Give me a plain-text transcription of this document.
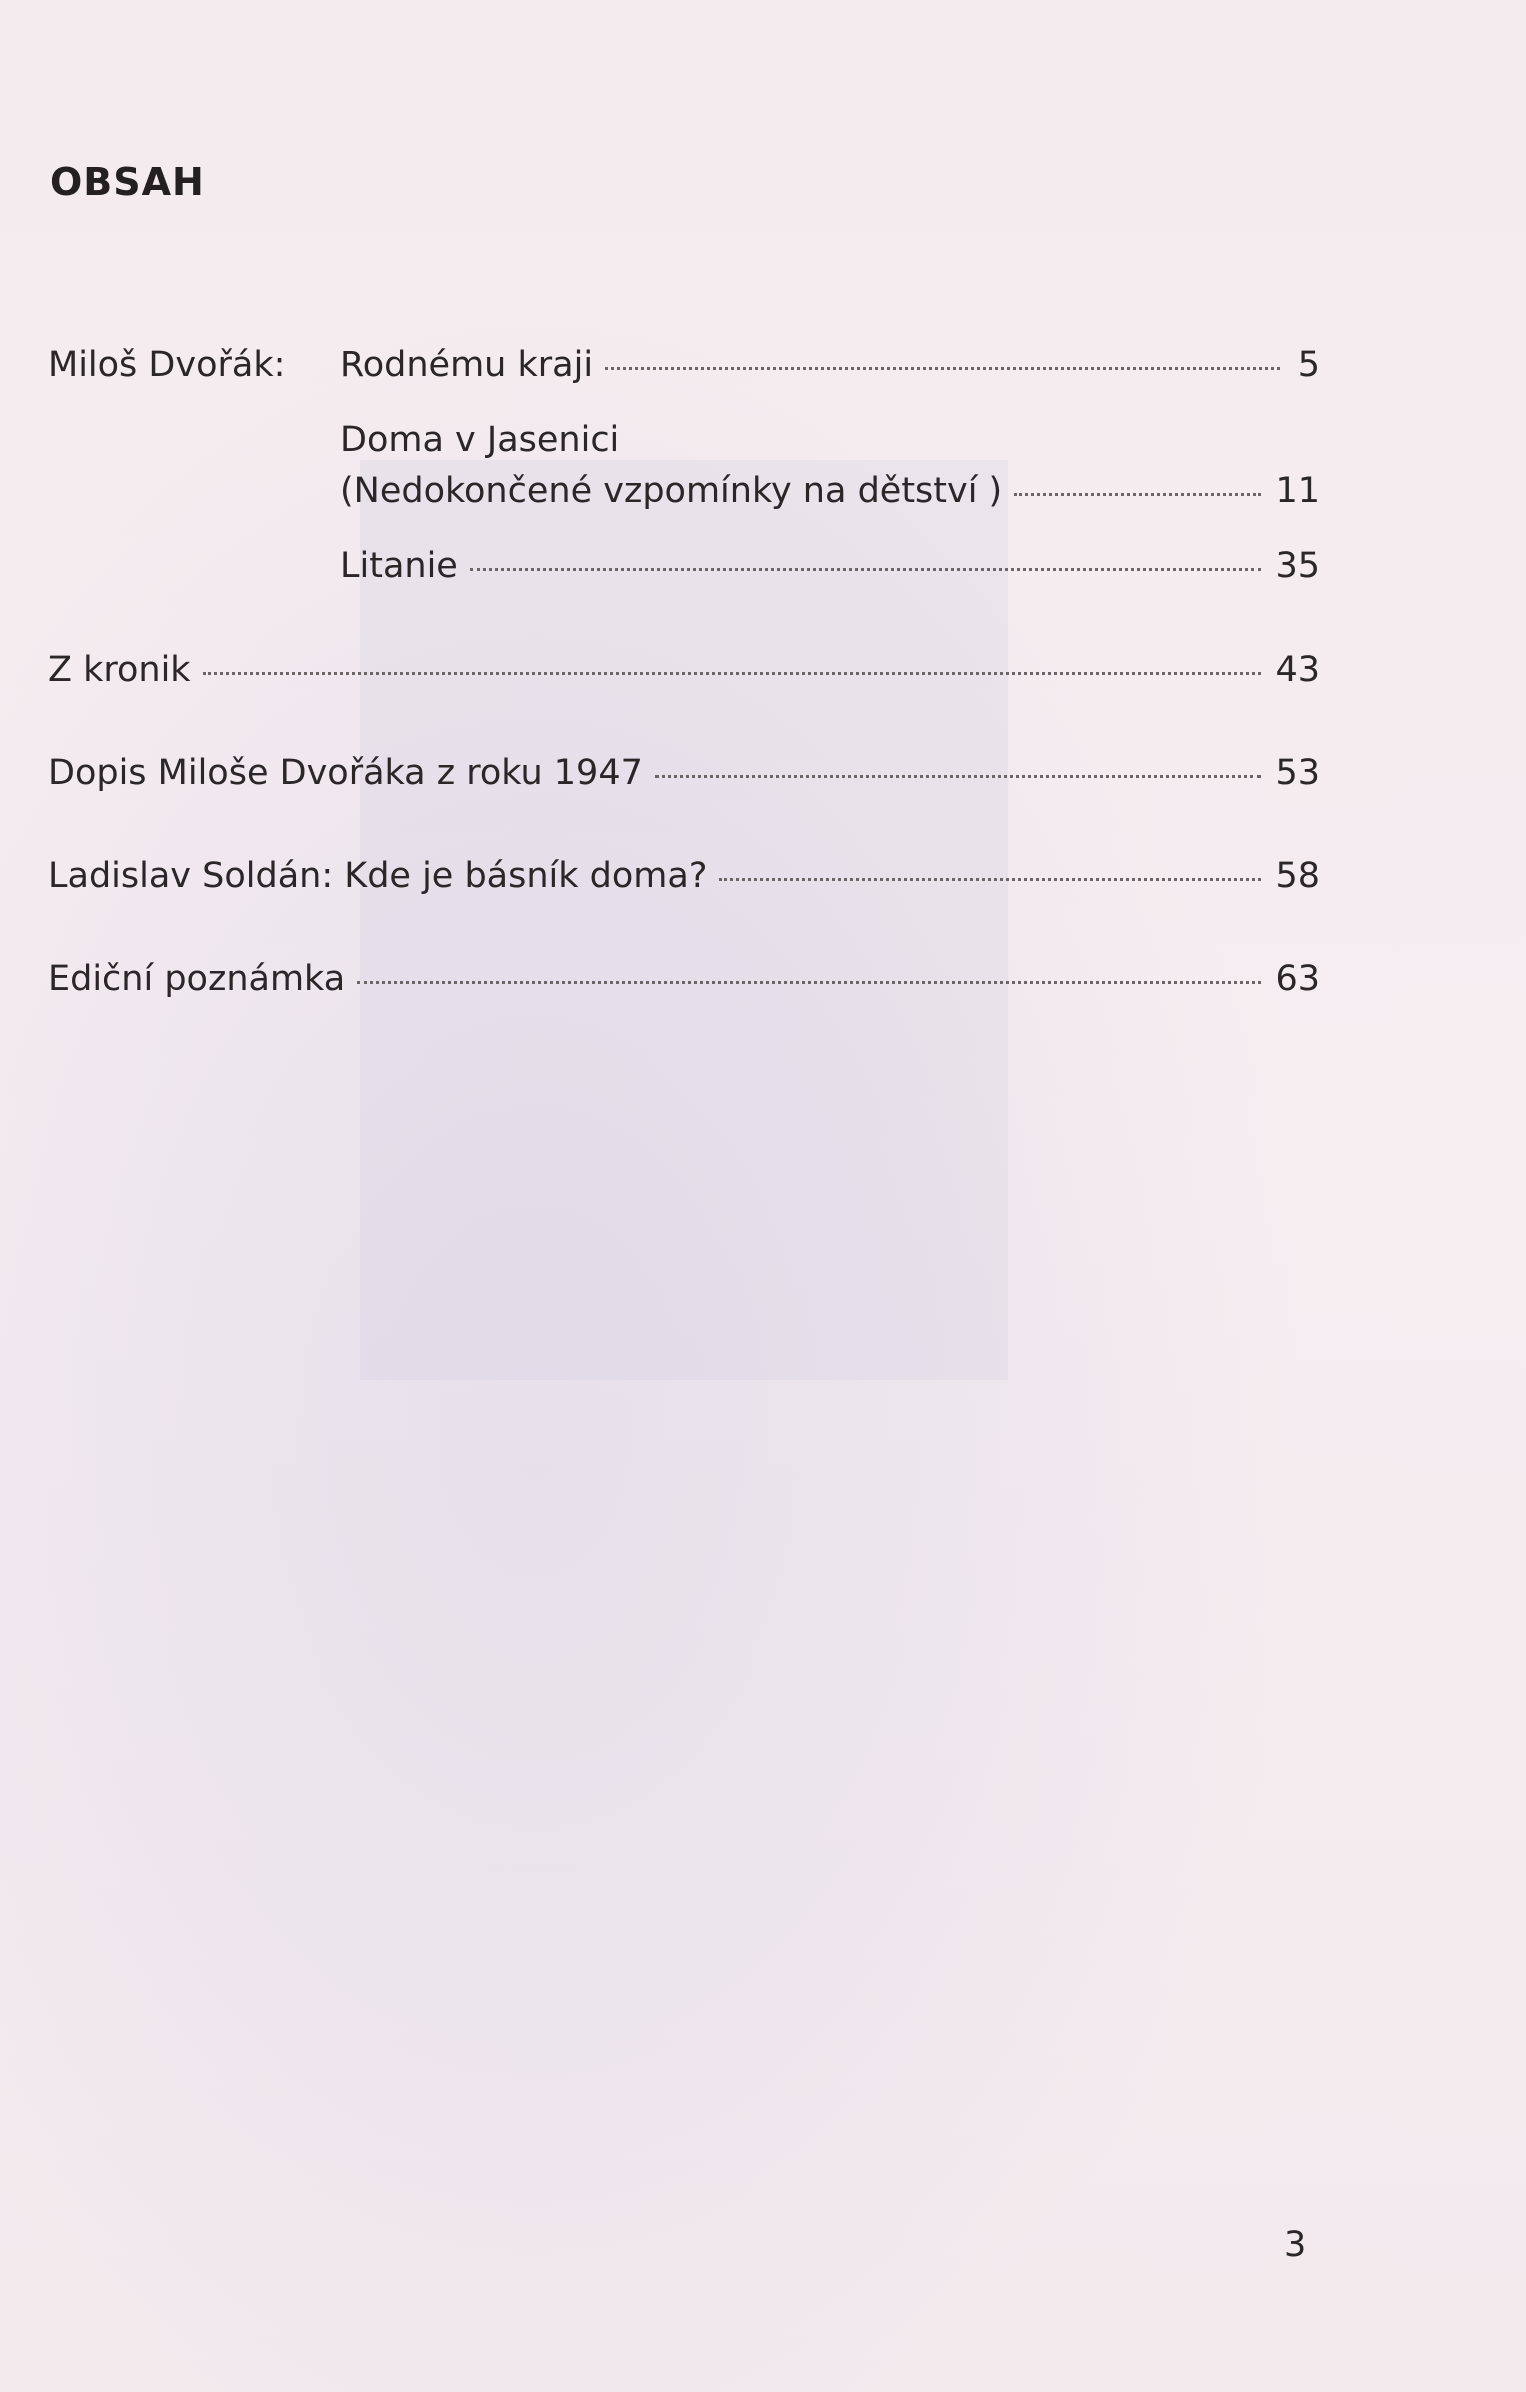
OBSAH
Miloš Dvořák: Rodnému kraji	5
Doma v Jasenici
(Nedokončené vzpomínky na dětství )	11
Litanie	35
Z kronik	43
Dopis Miloše Dvořáka z roku 1947	53
Ladislav Soldán: Kde je básník doma?	58
Ediční poznámka	63
3
